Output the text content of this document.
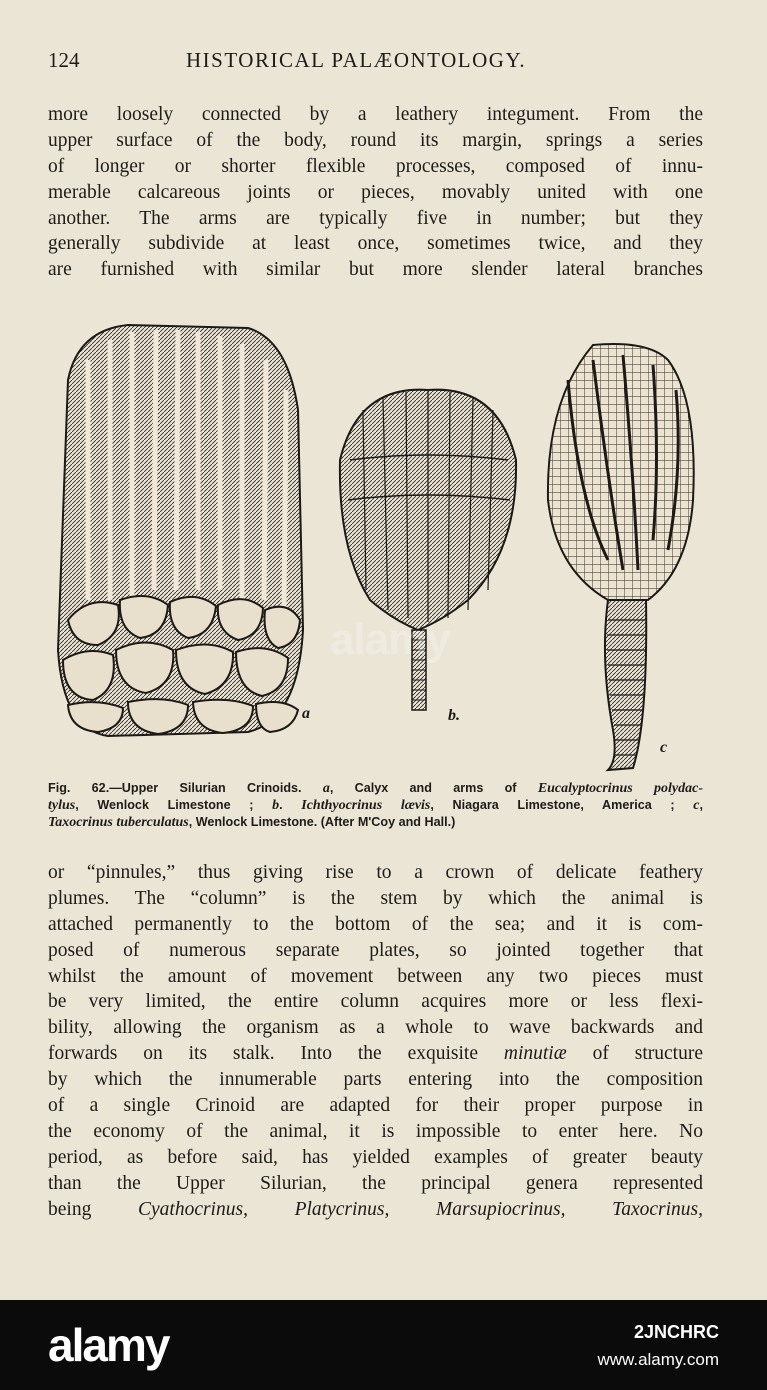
124	HISTORICAL PALÆONTOLOGY.
more loosely connected by a leathery integument. From the
upper surface of the body, round its margin, springs a series
of longer or shorter flexible processes, composed of innu-
merable calcareous joints or pieces, movably united with one
another. The arms are typically five in number; but they
generally subdivide at least once, sometimes twice, and they
are furnished with similar but more slender lateral branches
a	b.
c
Fig. 62.—Upper Silurian Crinoids. a, Calyx and arms of Eucalyptocrinus polydac-
tylus, Wenlock Limestone ; b. Ichthyocrinus lævis, Niagara Limestone, America ; c,
Taxocrinus tuberculatus, Wenlock Limestone. (After M'Coy and Hall.)
or “pinnules,” thus giving rise to a crown of delicate feathery
plumes. The “column” is the stem by which the animal is
attached permanently to the bottom of the sea; and it is com-
posed of numerous separate plates, so jointed together that
whilst the amount of movement between any two pieces must
be very limited, the entire column acquires more or less flexi-
bility, allowing the organism as a whole to wave backwards and
forwards on its stalk. Into the exquisite minutiæ of structure
by which the innumerable parts entering into the composition
of a single Crinoid are adapted for their proper purpose in
the economy of the animal, it is impossible to enter here. No
period, as before said, has yielded examples of greater beauty
than the Upper Silurian, the principal genera represented
being Cyathocrinus, Platycrinus, Marsupiocrinus, Taxocrinus,
alamy
alamy	2JNCHRC
www.alamy.com
